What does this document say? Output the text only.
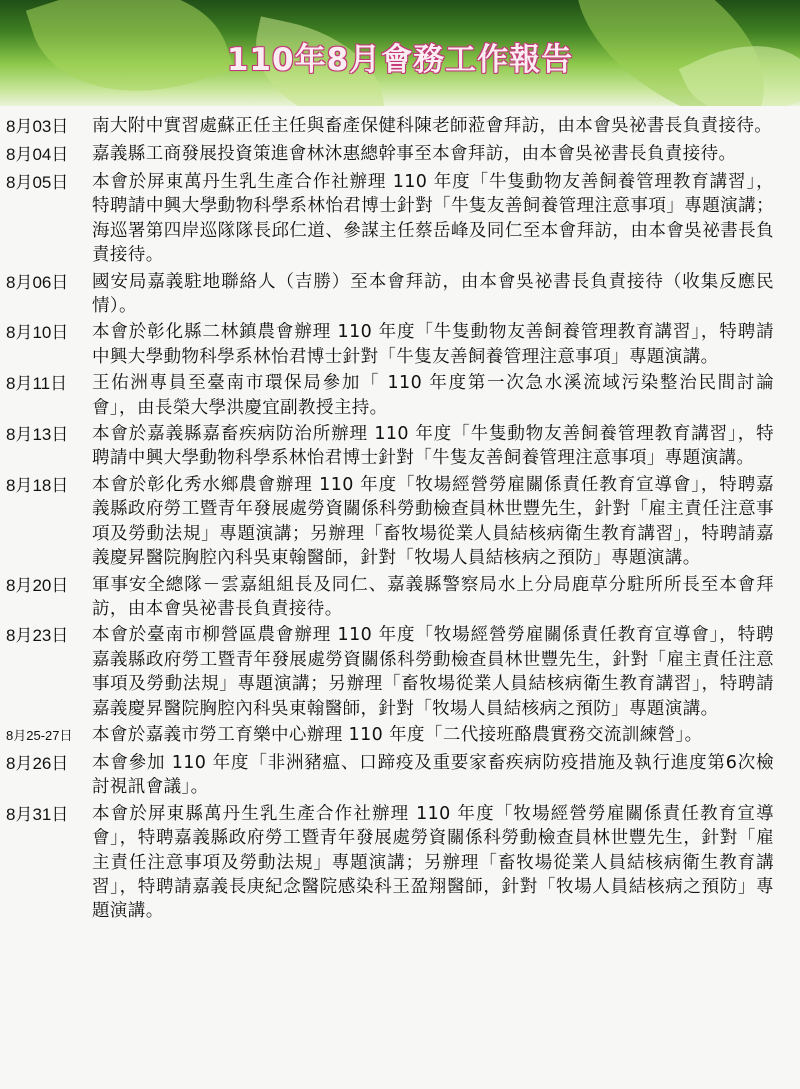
110年8月會務工作報告
8月03日	南大附中實習處蘇正任主任與畜產保健科陳老師蒞會拜訪，由本會吳祕書長負責接待。
8月04日	嘉義縣工商發展投資策進會林沐惠總幹事至本會拜訪，由本會吳祕書長負責接待。
8月05日	本會於屏東萬丹生乳生產合作社辦理 110 年度「牛隻動物友善飼養管理教育講習」，特聘請中興大學動物科學系林怡君博士針對「牛隻友善飼養管理注意事項」專題演講；海巡署第四岸巡隊隊長邱仁道、參謀主任蔡岳峰及同仁至本會拜訪，由本會吳祕書長負責接待。
8月06日	國安局嘉義駐地聯絡人（吉勝）至本會拜訪，由本會吳祕書長負責接待（收集反應民情）。
8月10日	本會於彰化縣二林鎮農會辦理 110 年度「牛隻動物友善飼養管理教育講習」，特聘請中興大學動物科學系林怡君博士針對「牛隻友善飼養管理注意事項」專題演講。
8月11日	王佑洲專員至臺南市環保局參加「 110 年度第一次急水溪流域污染整治民間討論會」，由長榮大學洪慶宜副教授主持。
8月13日	本會於嘉義縣嘉畜疾病防治所辦理 110 年度「牛隻動物友善飼養管理教育講習」，特聘請中興大學動物科學系林怡君博士針對「牛隻友善飼養管理注意事項」專題演講。
8月18日	本會於彰化秀水鄉農會辦理 110 年度「牧場經營勞雇關係責任教育宣導會」，特聘嘉義縣政府勞工暨青年發展處勞資關係科勞動檢查員林世豐先生，針對「雇主責任注意事項及勞動法規」專題演講；另辦理「畜牧場從業人員結核病衛生教育講習」，特聘請嘉義慶昇醫院胸腔內科吳東翰醫師，針對「牧場人員結核病之預防」專題演講。
8月20日	軍事安全總隊－雲嘉組組長及同仁、嘉義縣警察局水上分局鹿草分駐所所長至本會拜訪，由本會吳祕書長負責接待。
8月23日	本會於臺南市柳營區農會辦理 110 年度「牧場經營勞雇關係責任教育宣導會」，特聘嘉義縣政府勞工暨青年發展處勞資關係科勞動檢查員林世豐先生，針對「雇主責任注意事項及勞動法規」專題演講；另辦理「畜牧場從業人員結核病衛生教育講習」，特聘請嘉義慶昇醫院胸腔內科吳東翰醫師，針對「牧場人員結核病之預防」專題演講。
8月25-27日	本會於嘉義市勞工育樂中心辦理 110 年度「二代接班酪農實務交流訓練營」。
8月26日	本會參加 110 年度「非洲豬瘟、口蹄疫及重要家畜疾病防疫措施及執行進度第6次檢討視訊會議」。
8月31日	本會於屏東縣萬丹生乳生產合作社辦理 110 年度「牧場經營勞雇關係責任教育宣導會」，特聘嘉義縣政府勞工暨青年發展處勞資關係科勞動檢查員林世豐先生，針對「雇主責任注意事項及勞動法規」專題演講；另辦理「畜牧場從業人員結核病衛生教育講習」，特聘請嘉義長庚紀念醫院感染科王盈翔醫師，針對「牧場人員結核病之預防」專題演講。
